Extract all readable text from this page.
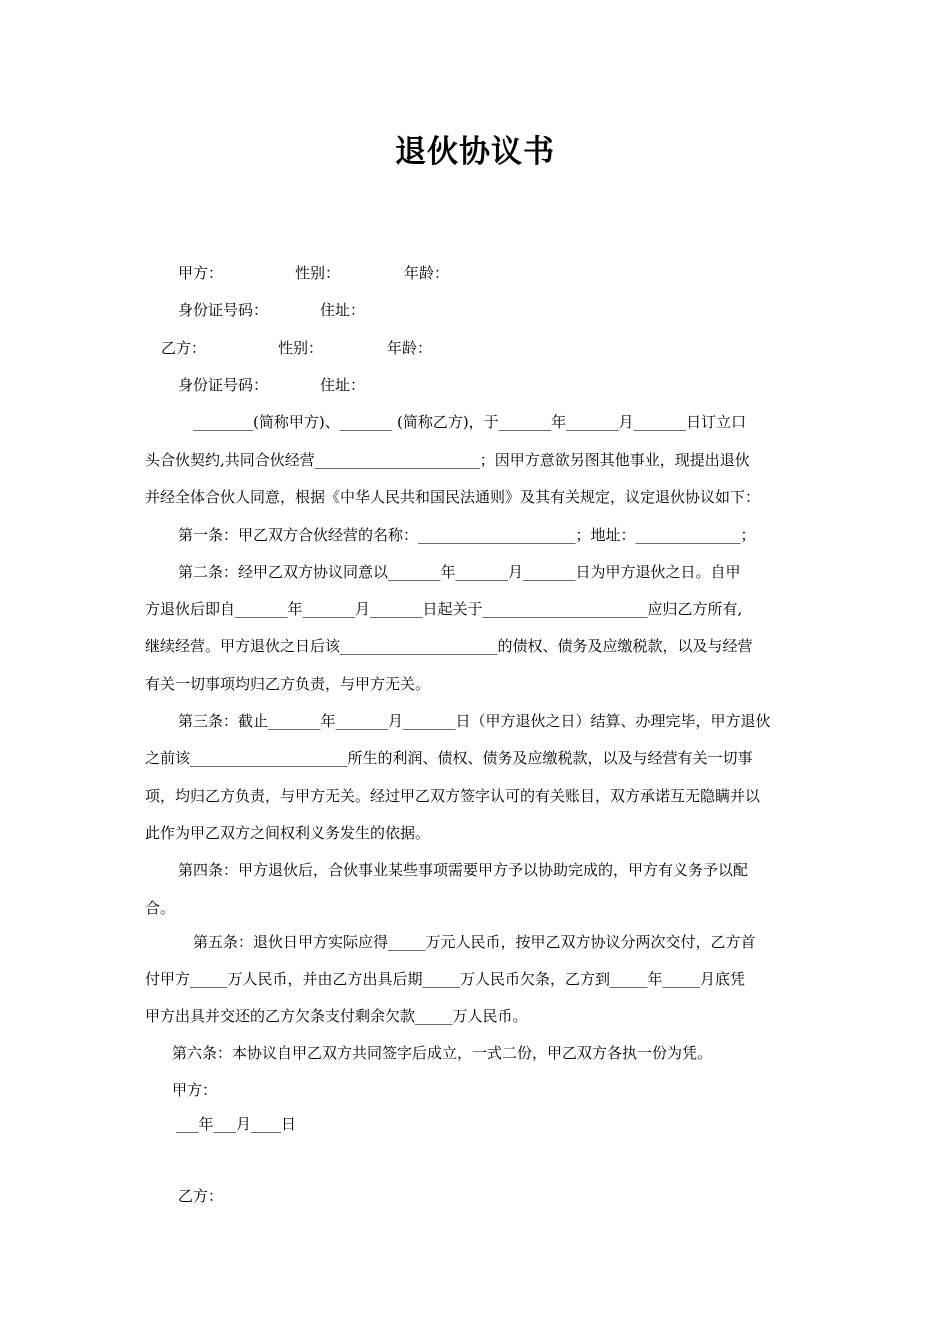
退伙协议书
甲方：	性别：	年龄：
身份证号码：	住址：
乙方：	性别：	年龄：
身份证号码：	住址：

________(简称甲方)、_______ (简称乙方)，于_______年_______月_______日订立口

头合伙契约,共同合伙经营______________________；因甲方意欲另图其他事业，现提出退伙

并经全体合伙人同意，根据《中华人民共和国民法通则》及其有关规定，议定退伙协议如下：

第一条：甲乙双方合伙经营的名称：_____________________；地址：______________；

第二条：经甲乙双方协议同意以_______年_______月_______日为甲方退伙之日。自甲

方退伙后即自_______年_______月_______日起关于______________________应归乙方所有,

继续经营。甲方退伙之日后该_____________________的债权、债务及应缴税款，以及与经营

有关一切事项均归乙方负责，与甲方无关。

第三条：截止_______年_______月_______日（甲方退伙之日）结算、办理完毕，甲方退伙

之前该_____________________所生的利润、债权、债务及应缴税款，以及与经营有关一切事

项，均归乙方负责，与甲方无关。经过甲乙双方签字认可的有关账目，双方承诺互无隐瞒并以

此作为甲乙双方之间权利义务发生的依据。

第四条：甲方退伙后，合伙事业某些事项需要甲方予以协助完成的，甲方有义务予以配

合。

第五条：退伙日甲方实际应得_____万元人民币，按甲乙双方协议分两次交付，乙方首

付甲方_____万人民币，并由乙方出具后期_____万人民币欠条，乙方到_____年_____月底凭

甲方出具并交还的乙方欠条支付剩余欠款_____万人民币。

第六条：本协议自甲乙双方共同签字后成立，一式二份，甲乙双方各执一份为凭。

甲方：

___年___月____日

乙方：
